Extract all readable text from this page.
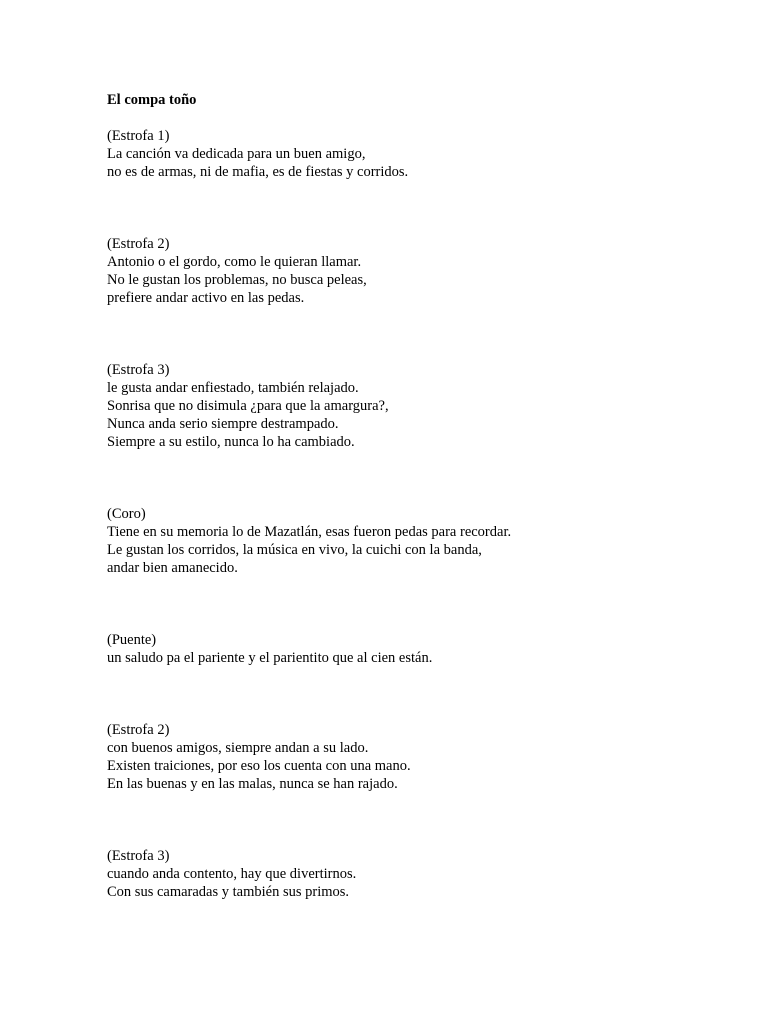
El compa toño

(Estrofa 1)
La canción va dedicada para un buen amigo,
no es de armas, ni de mafia, es de fiestas y corridos.
(Estrofa 2)
Antonio o el gordo, como le quieran llamar.
No le gustan los problemas, no busca peleas,
prefiere andar activo en las pedas.
(Estrofa 3)
le gusta andar enfiestado, también relajado.
Sonrisa que no disimula ¿para que la amargura?,
Nunca anda serio siempre destrampado.
Siempre a su estilo, nunca lo ha cambiado.
(Coro)
Tiene en su memoria lo de Mazatlán, esas fueron pedas para recordar.
Le gustan los corridos, la música en vivo, la cuichi con la banda,
andar bien amanecido.
(Puente)
un saludo pa el pariente y el parientito que al cien están.
(Estrofa 2)
con buenos amigos, siempre andan a su lado.
Existen traiciones, por eso los cuenta con una mano.
En las buenas y en las malas, nunca se han rajado.
(Estrofa 3)
cuando anda contento, hay que divertirnos.
Con sus camaradas y también sus primos.
